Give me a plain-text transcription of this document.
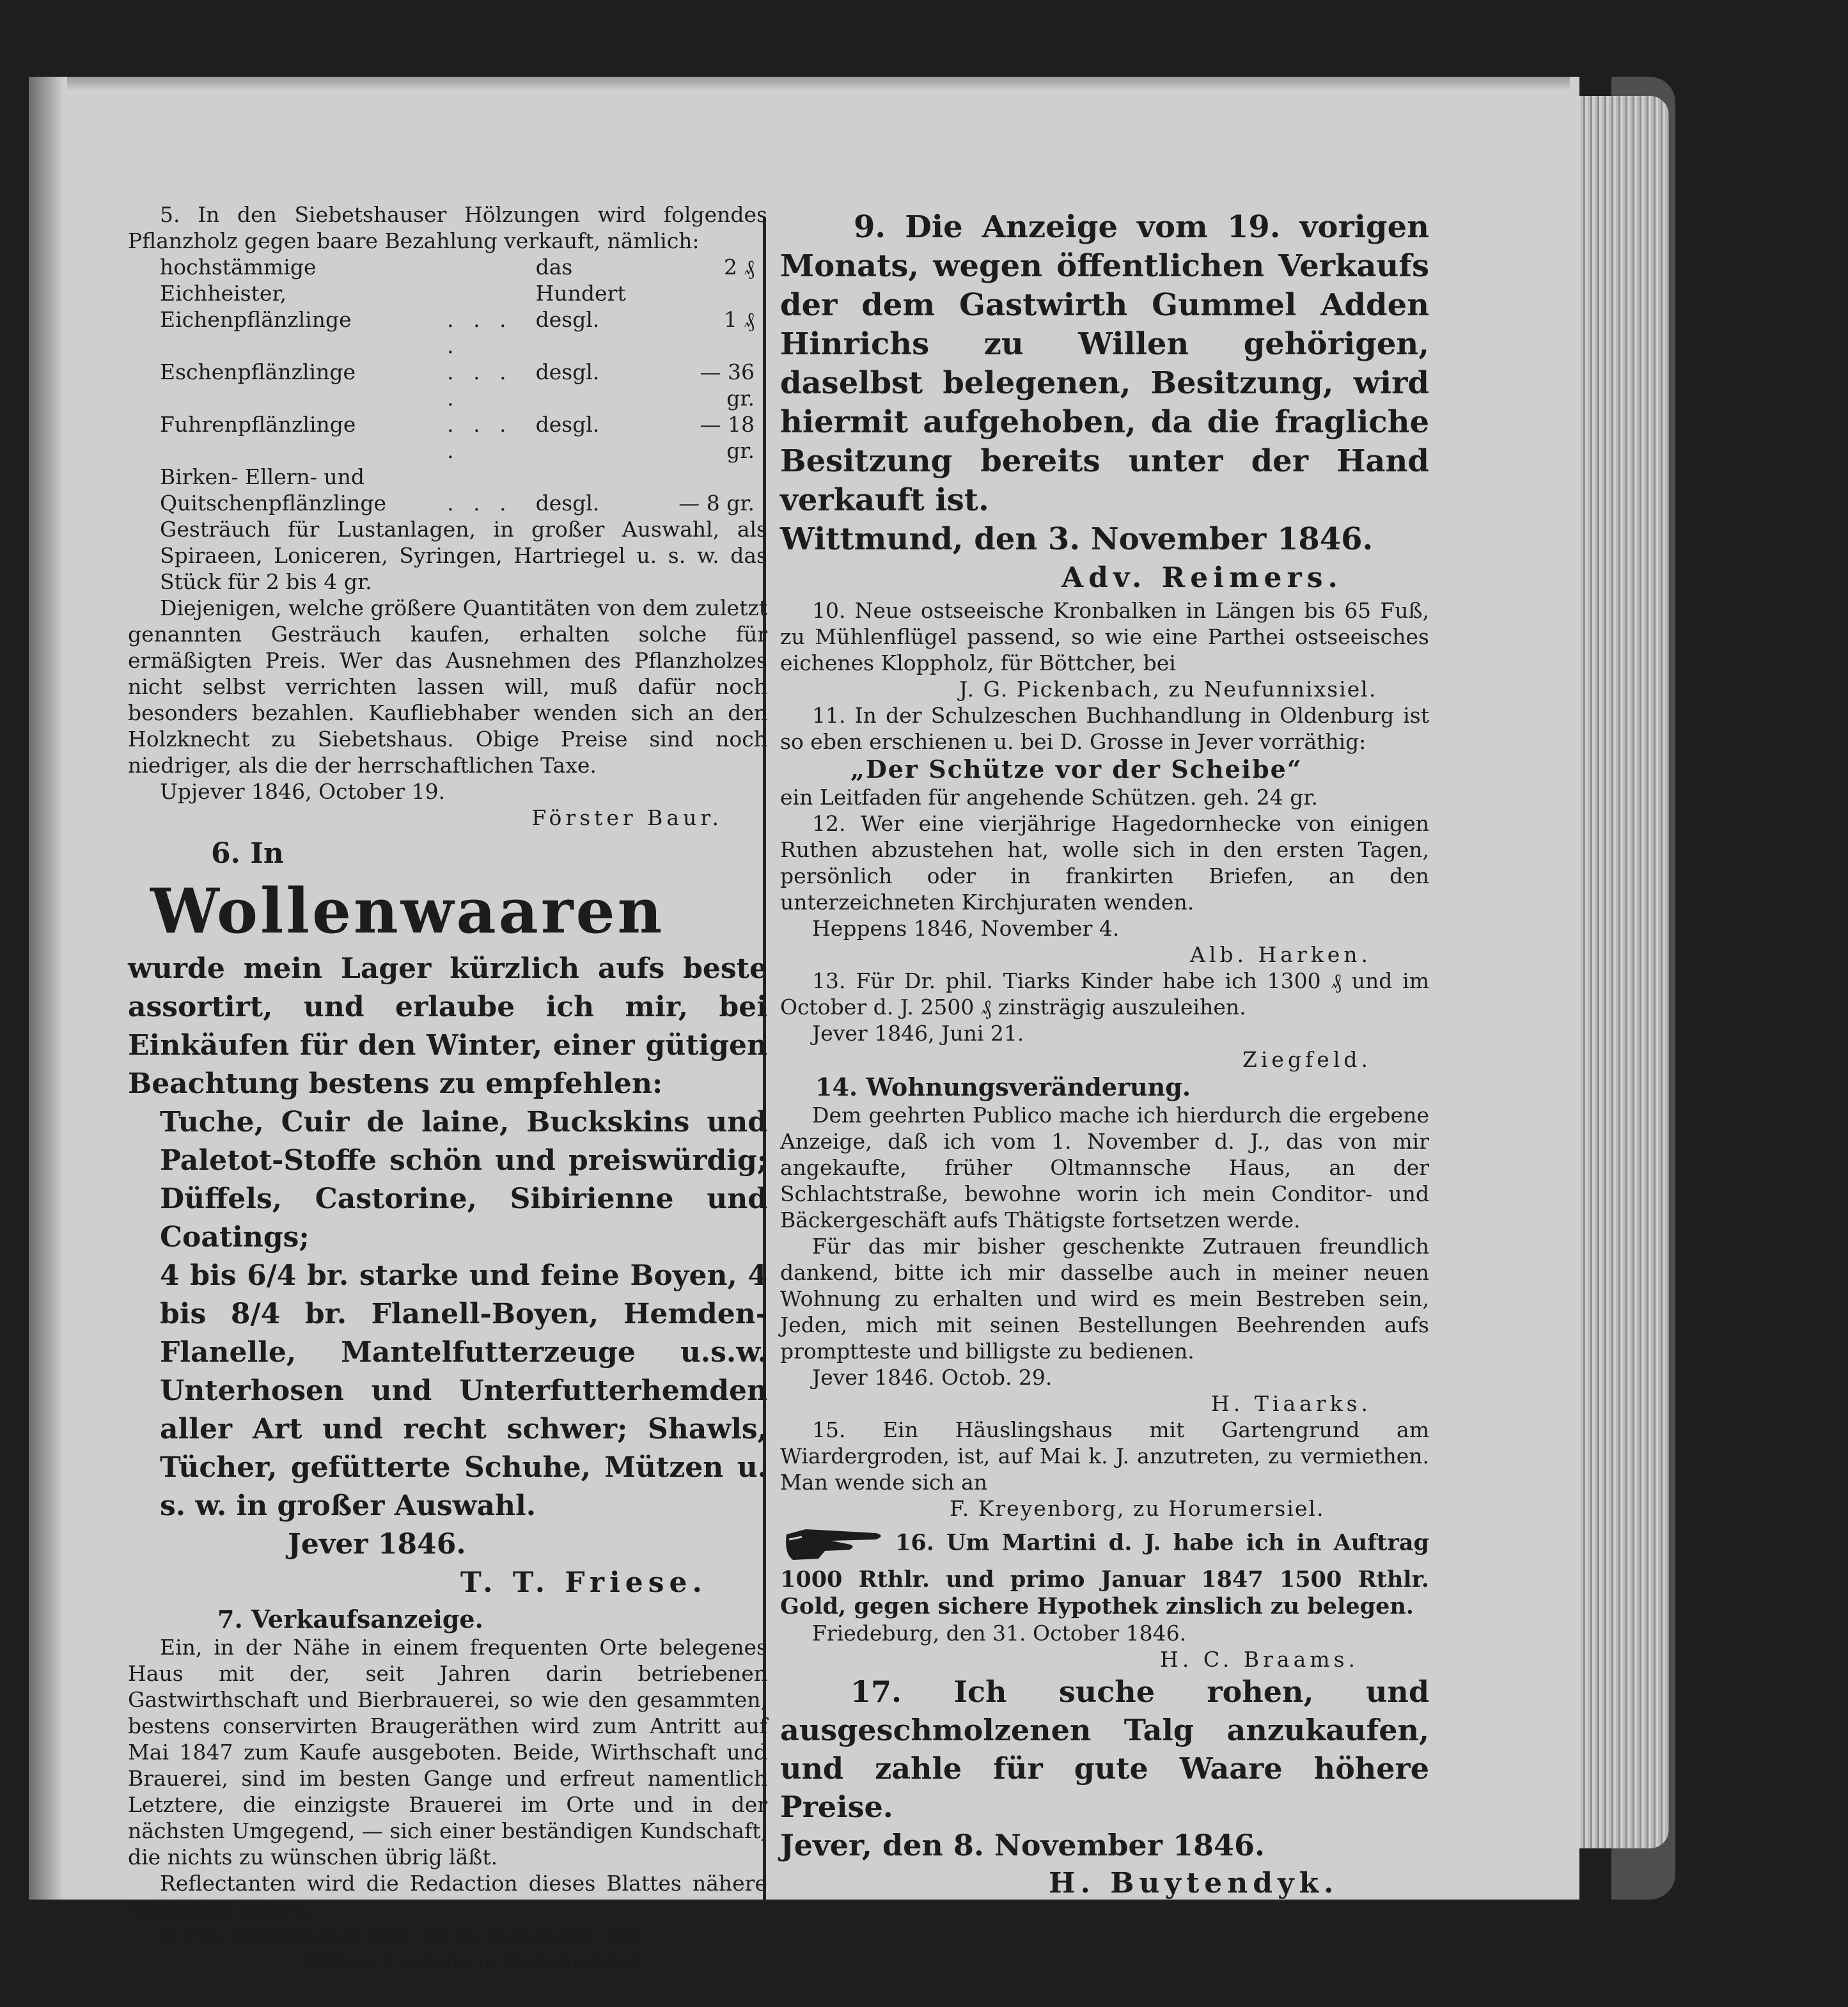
5. In den Siebetshauser Hölzungen wird folgendes Pflanzholz gegen baare Bezahlung verkauft, nämlich:

hochstämmige Eichheister,		das Hundert	2 ₰
Eichenpflänzlinge	. . . .	desgl.	1 ₰
Eschenpflänzlinge	. . . .	desgl.	— 36 gr.
Fuhrenpflänzlinge	. . . .	desgl.	— 18 gr.
Birken- Ellern- und			
Quitschenpflänzlinge	. . .	desgl.	— 8 gr.

Gesträuch für Lustanlagen, in großer Auswahl, als Spiraeen, Loniceren, Syringen, Hartriegel u. s. w. das Stück für 2 bis 4 gr.

Diejenigen, welche größere Quantitäten von dem zuletzt genannten Gesträuch kaufen, erhalten solche für ermäßigten Preis. Wer das Ausnehmen des Pflanzholzes nicht selbst verrichten lassen will, muß dafür noch besonders bezahlen. Kaufliebhaber wenden sich an den Holzknecht zu Siebetshaus. Obige Preise sind noch niedriger, als die der herrschaftlichen Taxe.

Upjever 1846, October 19.

Förster Baur.

6. In

Wollenwaaren

wurde mein Lager kürzlich aufs beste assortirt, und erlaube ich mir, bei Einkäufen für den Winter, einer gütigen Beachtung bestens zu empfehlen:

Tuche, Cuir de laine, Buckskins und Paletot-Stoffe schön und preiswürdig; Düffels, Castorine, Sibirienne und Coatings;

4 bis 6/4 br. starke und feine Boyen, 4 bis 8/4 br. Flanell-Boyen, Hemden-Flanelle, Mantelfutterzeuge u.s.w. Unterhosen und Unterfutterhemden aller Art und recht schwer; Shawls, Tücher, gefütterte Schuhe, Mützen u. s. w. in großer Auswahl.

Jever 1846.

T. T. Friese.

7. Verkaufsanzeige.

Ein, in der Nähe in einem frequenten Orte belegenes Haus mit der, seit Jahren darin betriebenen Gastwirthschaft und Bierbrauerei, so wie den gesammten, bestens conservirten Braugeräthen wird zum Antritt auf Mai 1847 zum Kaufe ausgeboten. Beide, Wirthschaft und Brauerei, sind im besten Gange und erfreut namentlich Letztere, die einzigste Brauerei im Orte und in der nächsten Umgegend, — sich einer beständigen Kundschaft, die nichts zu wünschen übrig läßt.

Reflectanten wird die Redaction dieses Blattes nähere Nachricht geben.

8. Ein ostindischer Affe, ist zu verkaufen, bei

Wittwe Cassens in Horumersiel.

9. Die Anzeige vom 19. vorigen Monats, wegen öffentlichen Verkaufs der dem Gastwirth Gummel Adden Hinrichs zu Willen gehörigen, daselbst belegenen, Besitzung, wird hiermit aufgehoben, da die fragliche Besitzung bereits unter der Hand verkauft ist.

Wittmund, den 3. November 1846.

Adv. Reimers.

10. Neue ostseeische Kronbalken in Längen bis 65 Fuß, zu Mühlenflügel passend, so wie eine Parthei ostseeisches eichenes Kloppholz, für Böttcher, bei

J. G. Pickenbach, zu Neufunnixsiel.

11. In der Schulzeschen Buchhandlung in Oldenburg ist so eben erschienen u. bei D. Grosse in Jever vorräthig:

„Der Schütze vor der Scheibe“

ein Leitfaden für angehende Schützen. geh. 24 gr.

12. Wer eine vierjährige Hagedornhecke von einigen Ruthen abzustehen hat, wolle sich in den ersten Tagen, persönlich oder in frankirten Briefen, an den unterzeichneten Kirchjuraten wenden.

Heppens 1846, November 4.

Alb. Harken.

13. Für Dr. phil. Tiarks Kinder habe ich 1300 ₰ und im October d. J. 2500 ₰ zinsträgig auszuleihen.

Jever 1846, Juni 21.

Ziegfeld.

14. Wohnungsveränderung.

Dem geehrten Publico mache ich hierdurch die ergebene Anzeige, daß ich vom 1. November d. J., das von mir angekaufte, früher Oltmannsche Haus, an der Schlachtstraße, bewohne worin ich mein Conditor- und Bäckergeschäft aufs Thätigste fortsetzen werde.

Für das mir bisher geschenkte Zutrauen freundlich dankend, bitte ich mir dasselbe auch in meiner neuen Wohnung zu erhalten und wird es mein Bestreben sein, Jeden, mich mit seinen Bestellungen Beehrenden aufs promptteste und billigste zu bedienen.

Jever 1846. Octob. 29.

H. Tiaarks.

15. Ein Häuslingshaus mit Gartengrund am Wiardergroden, ist, auf Mai k. J. anzutreten, zu vermiethen. Man wende sich an

F. Kreyenborg, zu Horumersiel.

16. Um Martini d. J. habe ich in Auftrag 1000 Rthlr. und primo Januar 1847 1500 Rthlr. Gold, gegen sichere Hypothek zinslich zu belegen.

Friedeburg, den 31. October 1846.

H. C. Braams.

17. Ich suche rohen, und ausgeschmolzenen Talg anzukaufen, und zahle für gute Waare höhere Preise.

Jever, den 8. November 1846.

H. Buytendyk.
